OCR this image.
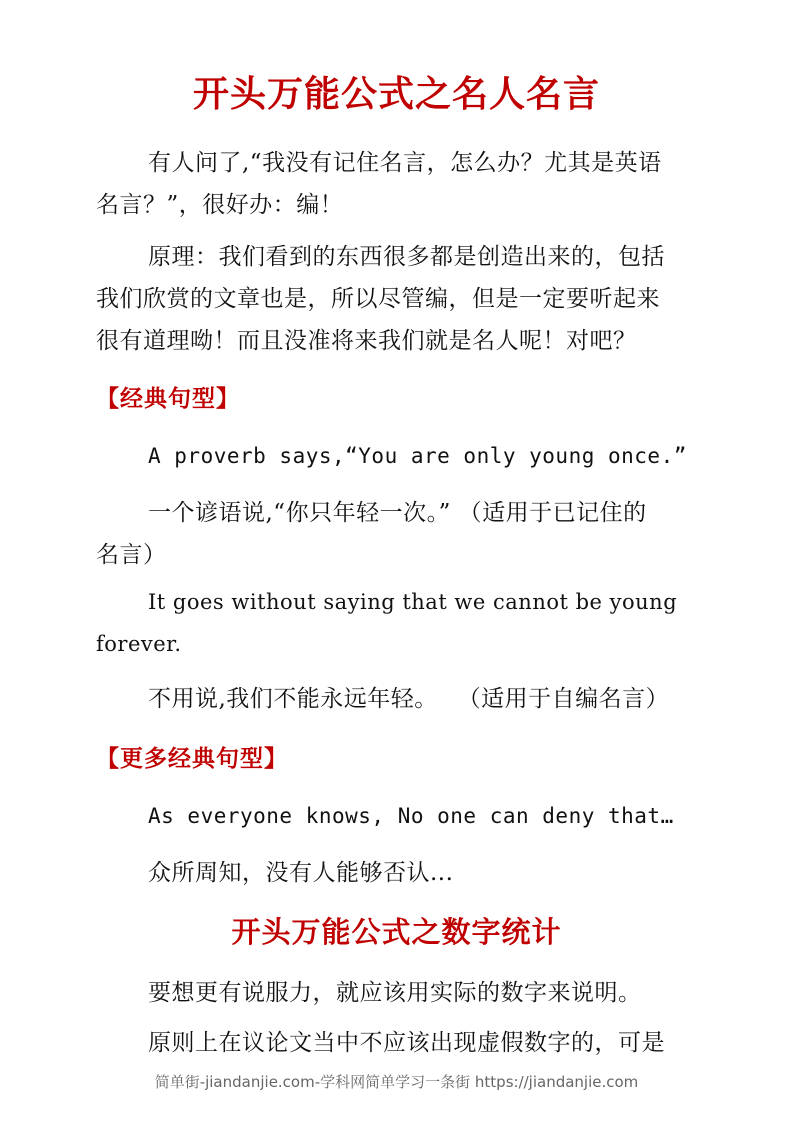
开头万能公式之名人名言
有人问了,“我没有记住名言，怎么办？尤其是英语
名言？”，很好办：编！
原理：我们看到的东西很多都是创造出来的，包括
我们欣赏的文章也是，所以尽管编，但是一定要听起来
很有道理呦！而且没准将来我们就是名人呢！对吧？
【经典句型】
A proverb says,“You are only young once.”
一个谚语说,“你只年轻一次。” （适用于已记住的
名言）
It goes without saying that we cannot be young
forever.
不用说,我们不能永远年轻。　 （适用于自编名言）
【更多经典句型】
As everyone knows, No one can deny that…
众所周知，没有人能够否认...
开头万能公式之数字统计
要想更有说服力，就应该用实际的数字来说明。
原则上在议论文当中不应该出现虚假数字的，可是
简单街-jiandanjie.com-学科网简单学习一条街 https://jiandanjie.com
